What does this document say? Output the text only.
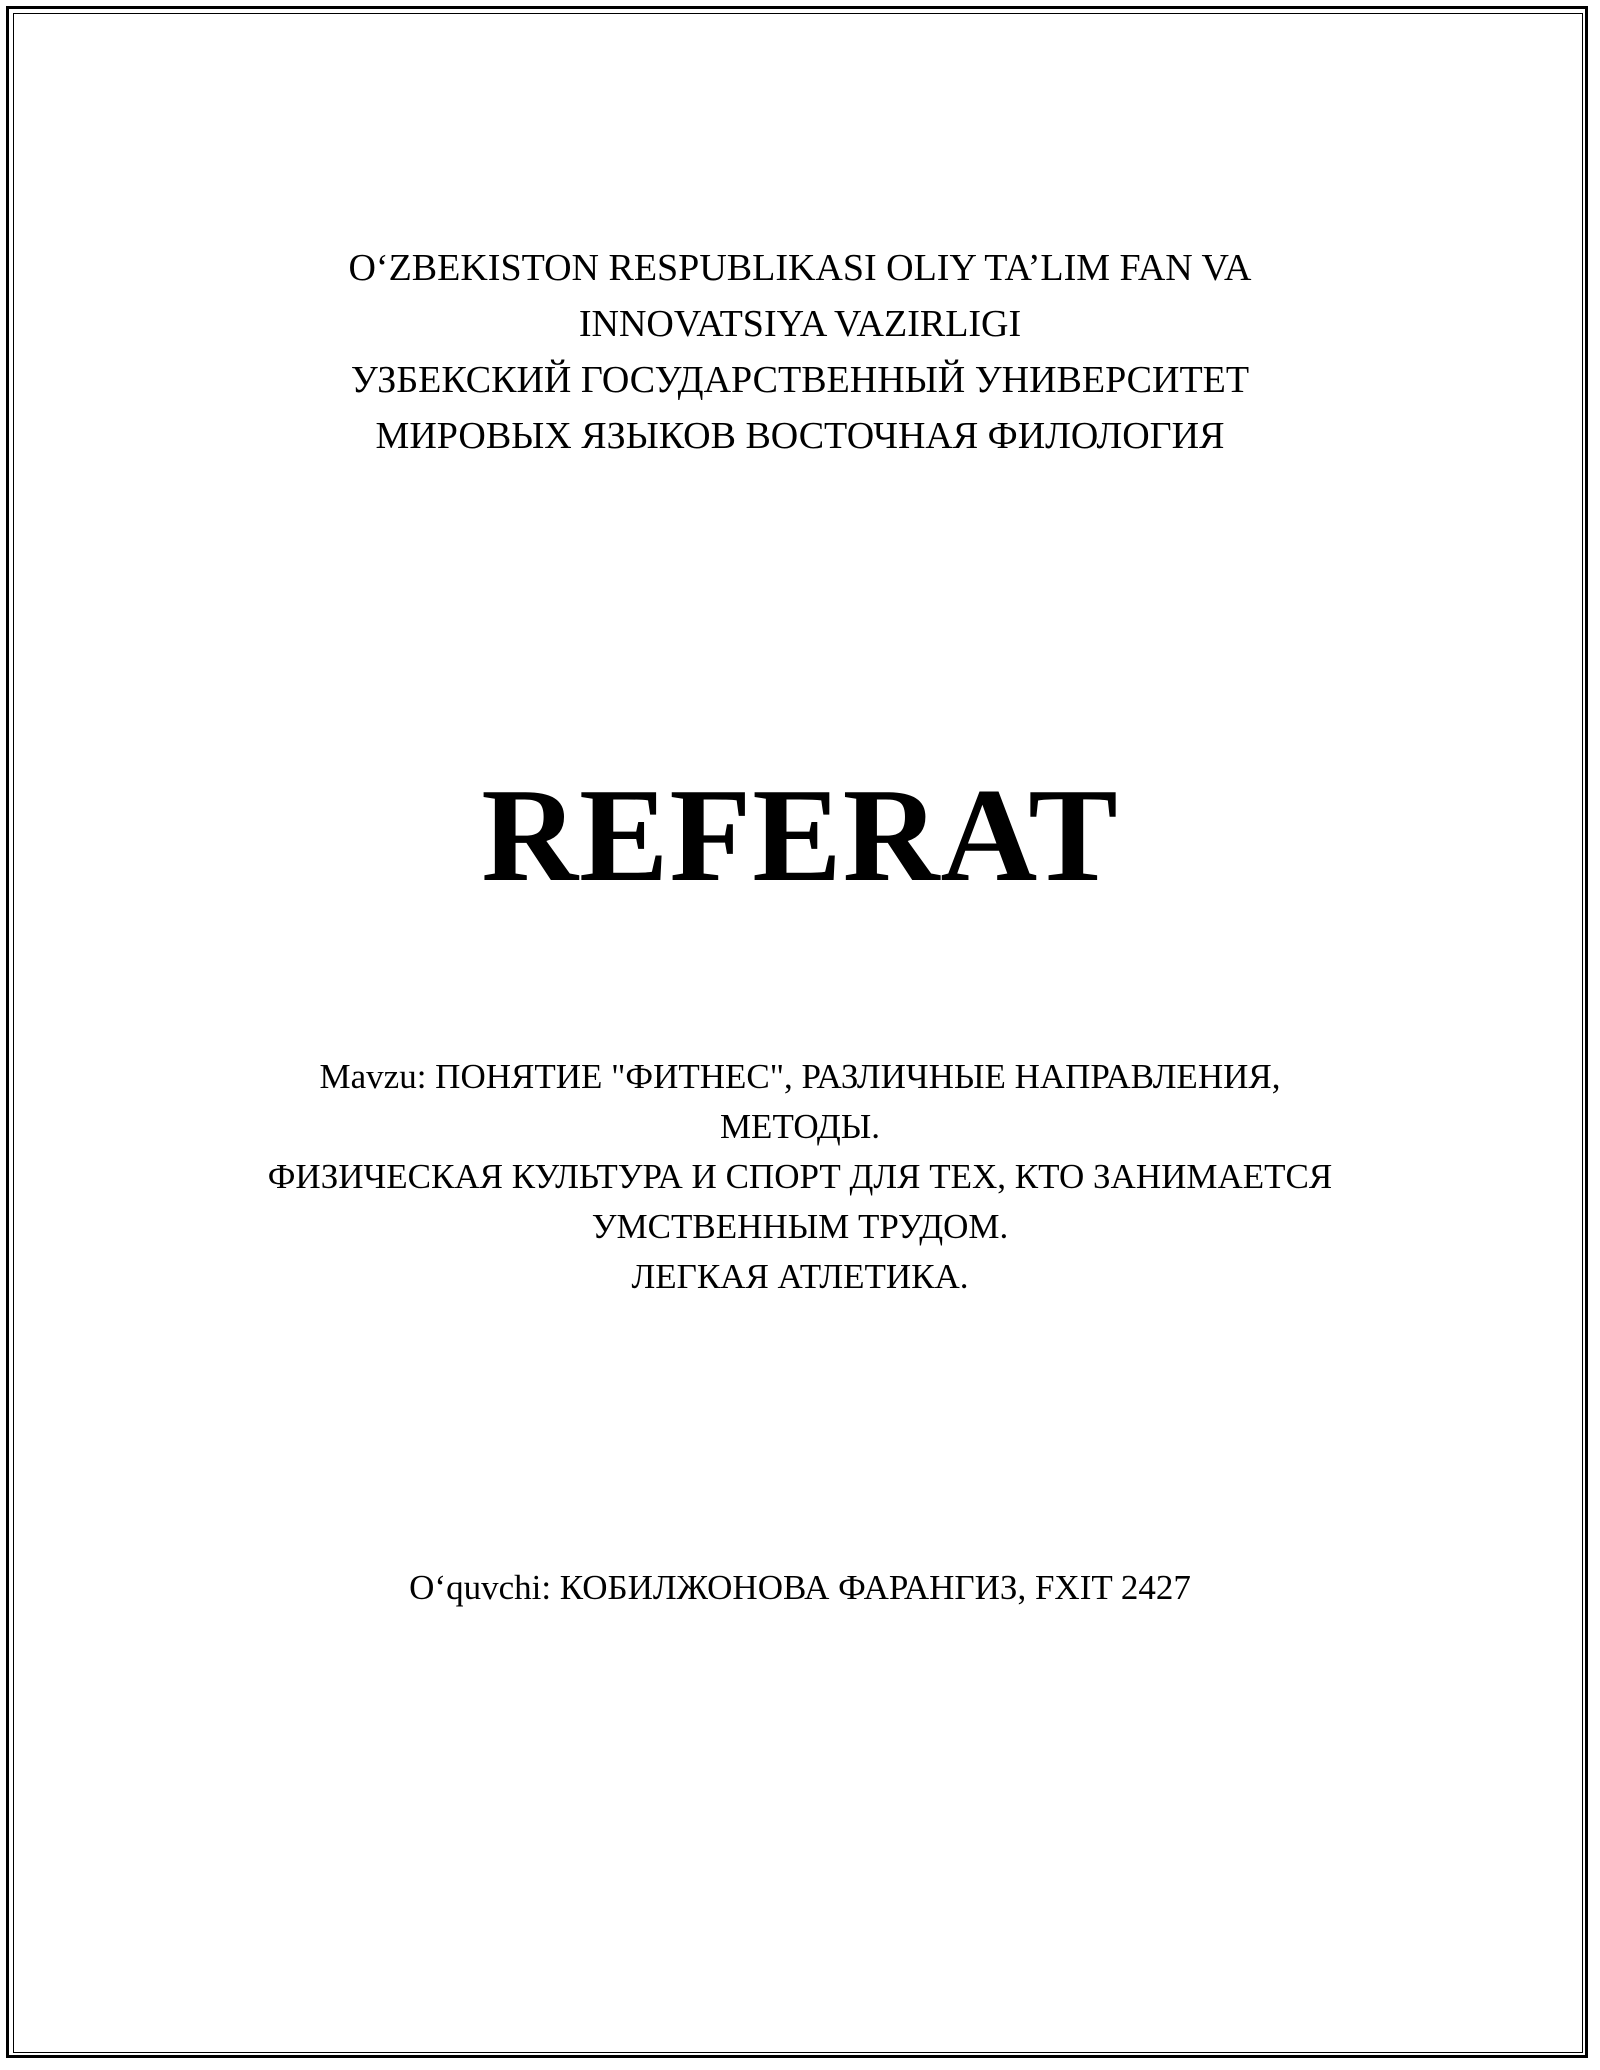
O‘ZBEKISTON RESPUBLIKASI OLIY TA’LIM FAN VA
INNOVATSIYA VAZIRLIGI
УЗБЕКСКИЙ ГОСУДАРСТВЕННЫЙ УНИВЕРСИТЕТ
МИРОВЫХ ЯЗЫКОВ ВОСТОЧНАЯ ФИЛОЛОГИЯ
REFERAT
Mavzu: ПОНЯТИЕ "ФИТНЕС", РАЗЛИЧНЫЕ НАПРАВЛЕНИЯ,
МЕТОДЫ.
ФИЗИЧЕСКАЯ КУЛЬТУРА И СПОРТ ДЛЯ ТЕХ, КТО ЗАНИМАЕТСЯ
УМСТВЕННЫМ ТРУДОМ.
ЛЕГКАЯ АТЛЕТИКА.
O‘quvchi: КОБИЛЖОНОВА ФАРАНГИЗ, FXIT 2427
